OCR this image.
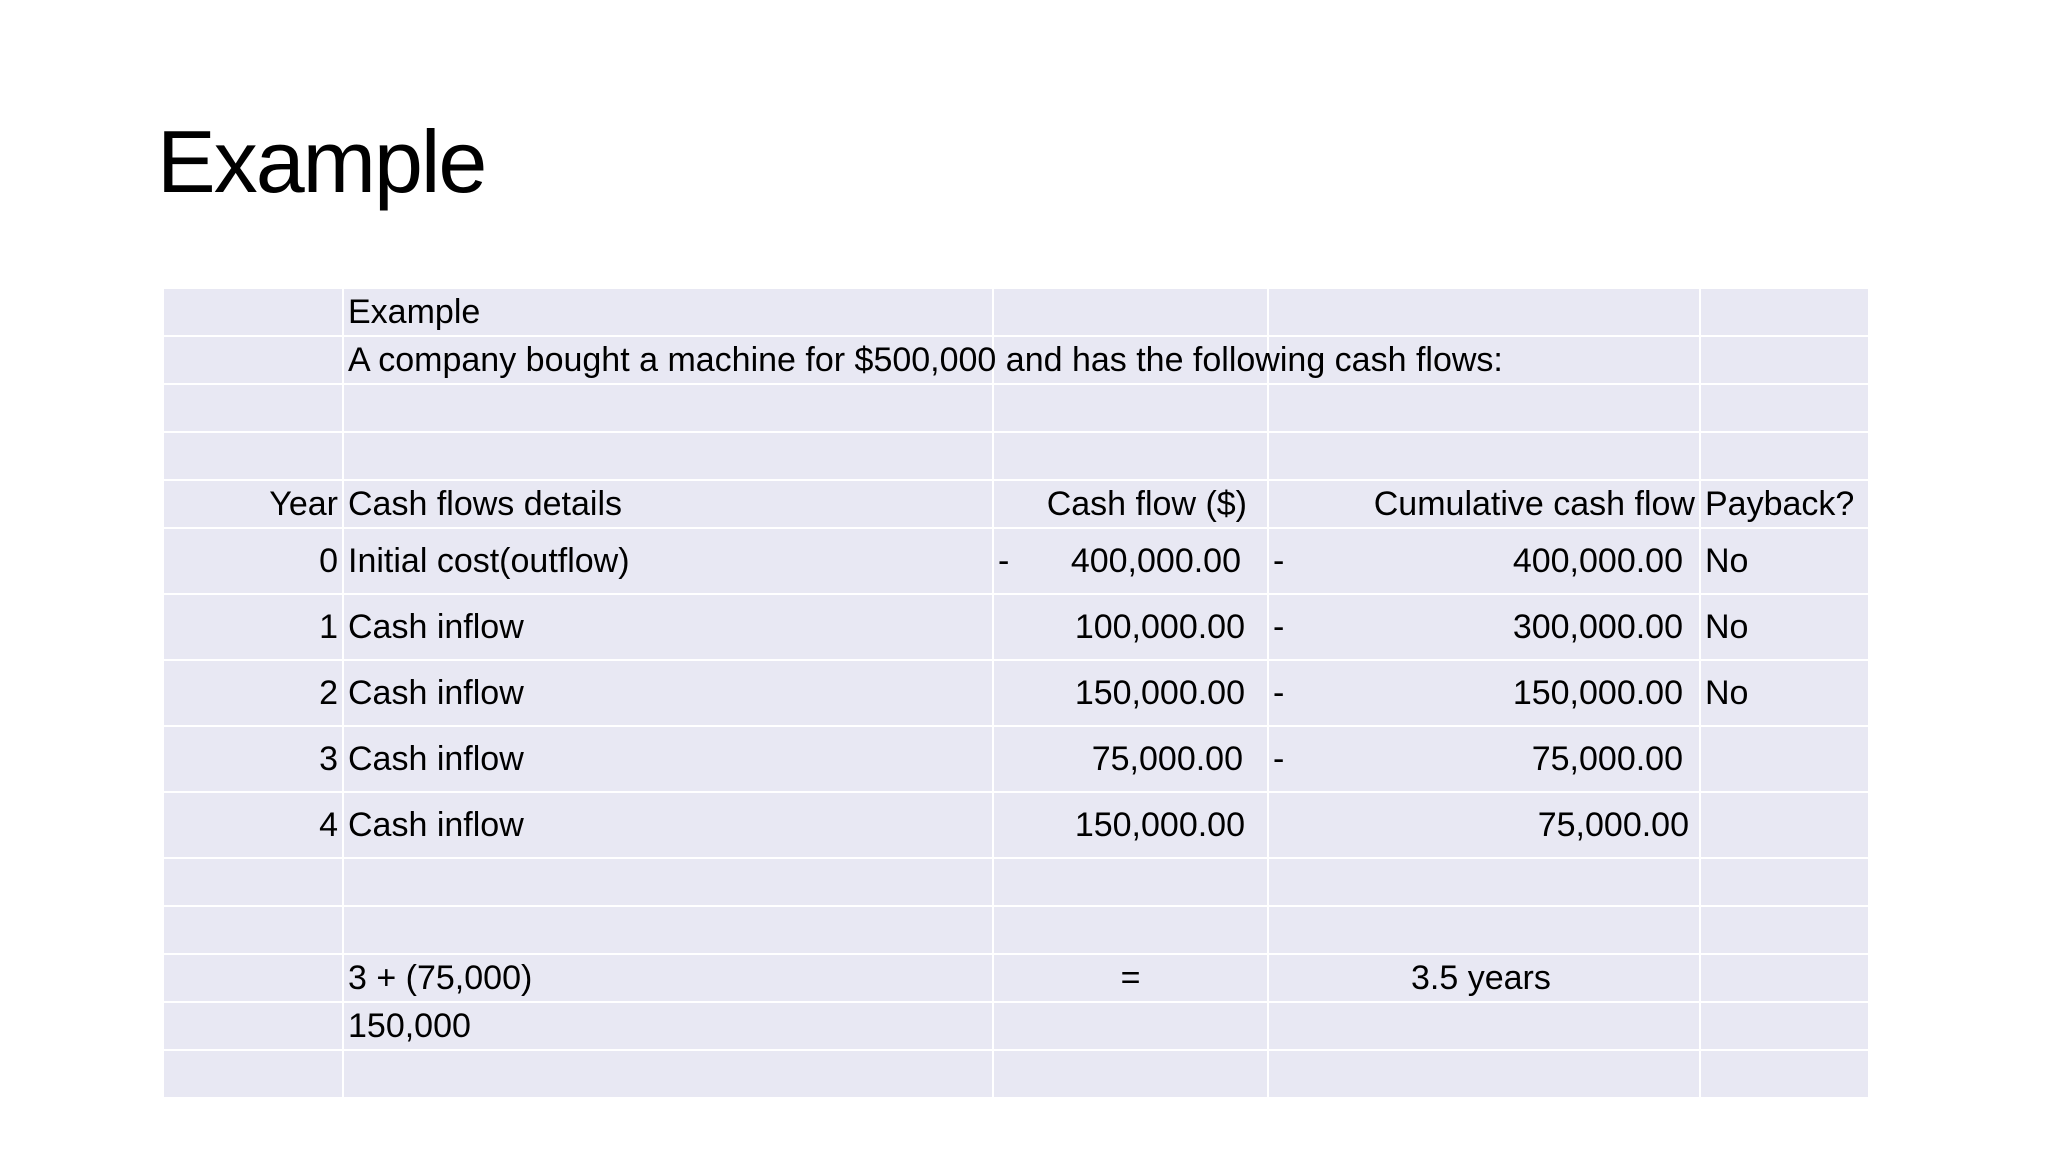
Example
	Example			
	A company bought a machine for $500,000 and has the following cash flows:			

Year	Cash flows details	Cash flow ($)	Cumulative cash flow	Payback?
0	Initial cost(outflow)	- 400,000.00	- 400,000.00	No
1	Cash inflow	100,000.00	- 300,000.00	No
2	Cash inflow	150,000.00	- 150,000.00	No
3	Cash inflow	75,000.00	- 75,000.00	

4	Cash inflow	150,000.00	75,000.00	

	3 + (75,000)	=	3.5 years	
	150,000			
